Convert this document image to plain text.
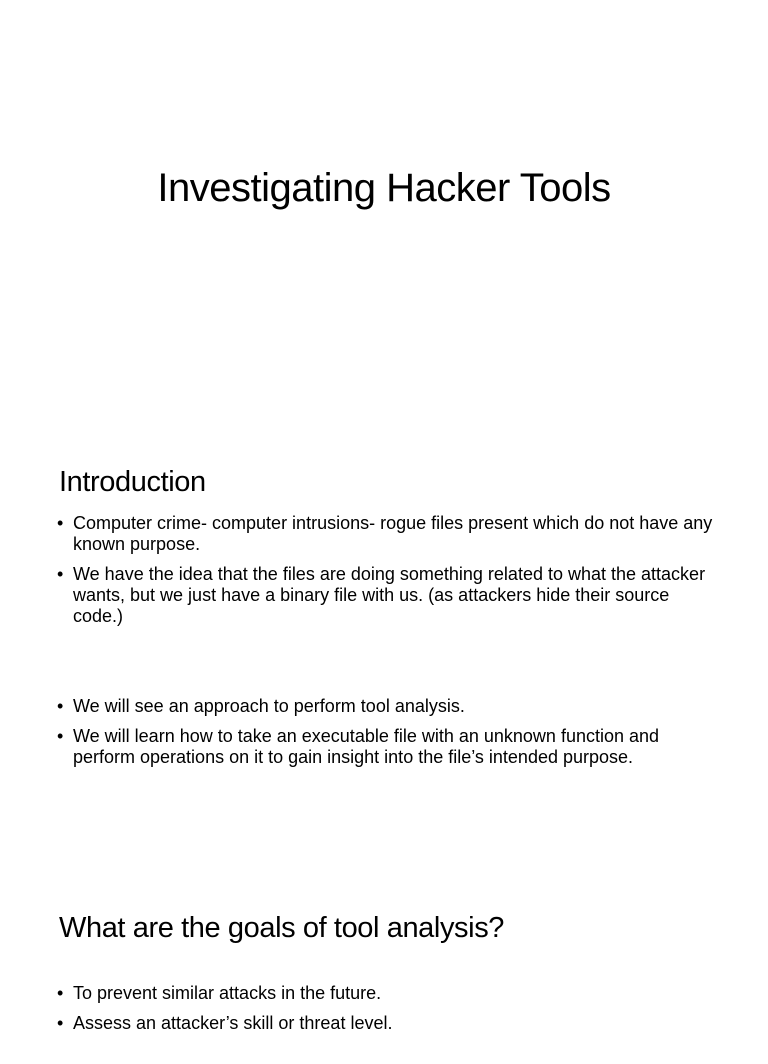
Investigating Hacker Tools
Introduction
• Computer crime- computer intrusions- rogue files present which do not have any known purpose.
• We have the idea that the files are doing something related to what the attacker wants, but we just have a binary file with us. (as attackers hide their source code.)
• We will see an approach to perform tool analysis.
• We will learn how to take an executable file with an unknown function and perform operations on it to gain insight into the file’s intended purpose.
What are the goals of tool analysis?
• To prevent similar attacks in the future.
• Assess an attacker’s skill or threat level.
